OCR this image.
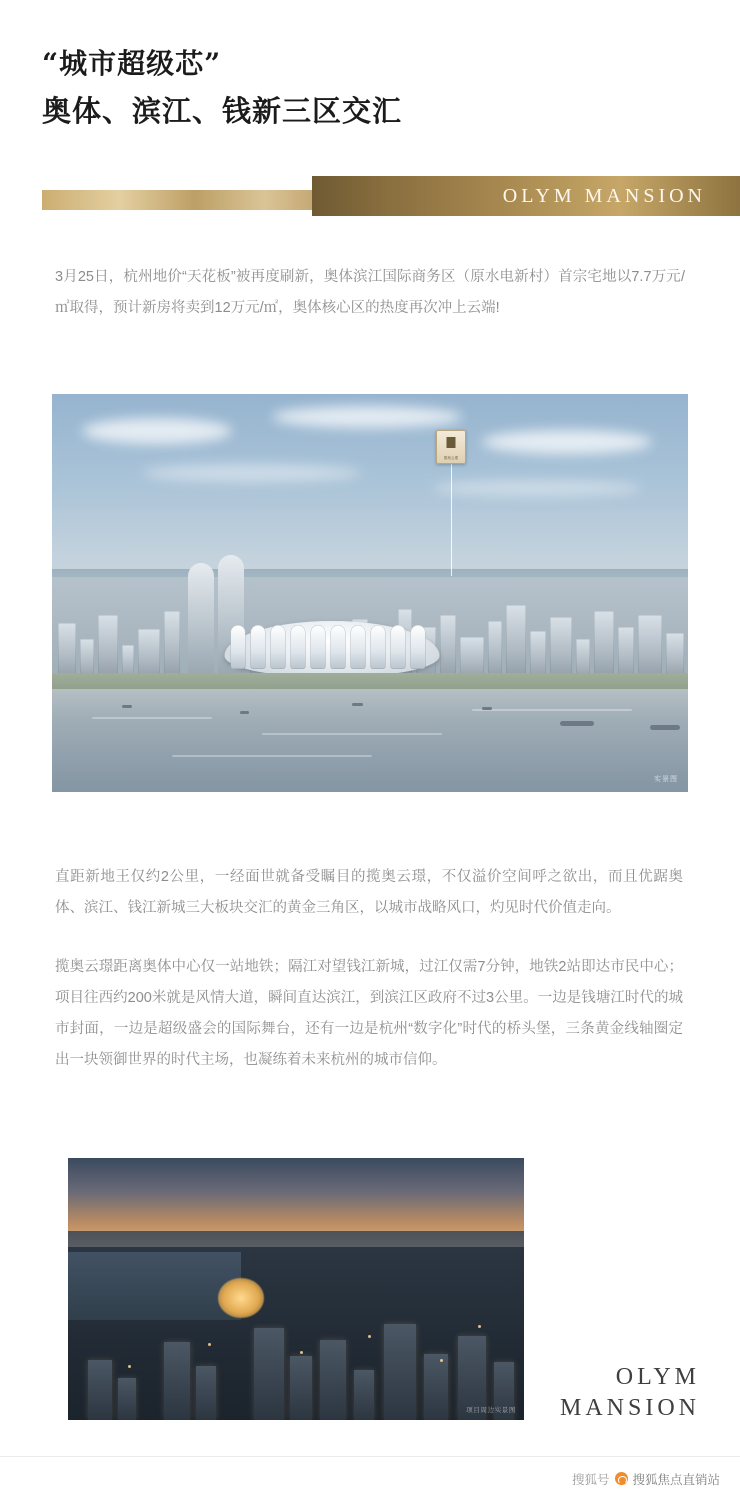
“城市超级芯”
奥体、滨江、钱新三区交汇
OLYM MANSION

3月25日，杭州地价“天花板”被再度刷新，奥体滨江国际商务区（原水电新村）首宗宅地以7.7万元/㎡取得，预计新房将卖到12万元/㎡，奥体核心区的热度再次冲上云端!

揽奥云璟
实景图

直距新地王仅约2公里，一经面世就备受瞩目的揽奥云璟，不仅溢价空间呼之欲出，而且优踞奥体、滨江、钱江新城三大板块交汇的黄金三角区，以城市战略风口，灼见时代价值走向。

揽奥云璟距离奥体中心仅一站地铁；隔江对望钱江新城，过江仅需7分钟，地铁2站即达市民中心；项目往西约200米就是风情大道，瞬间直达滨江，到滨江区政府不过3公里。一边是钱塘江时代的城市封面，一边是超级盛会的国际舞台，还有一边是杭州“数字化”时代的桥头堡，三条黄金线轴圈定出一块领御世界的时代主场，也凝练着未来杭州的城市信仰。

项目周边实景图
OLYM
MANSION
搜狐号 搜狐焦点直销站
